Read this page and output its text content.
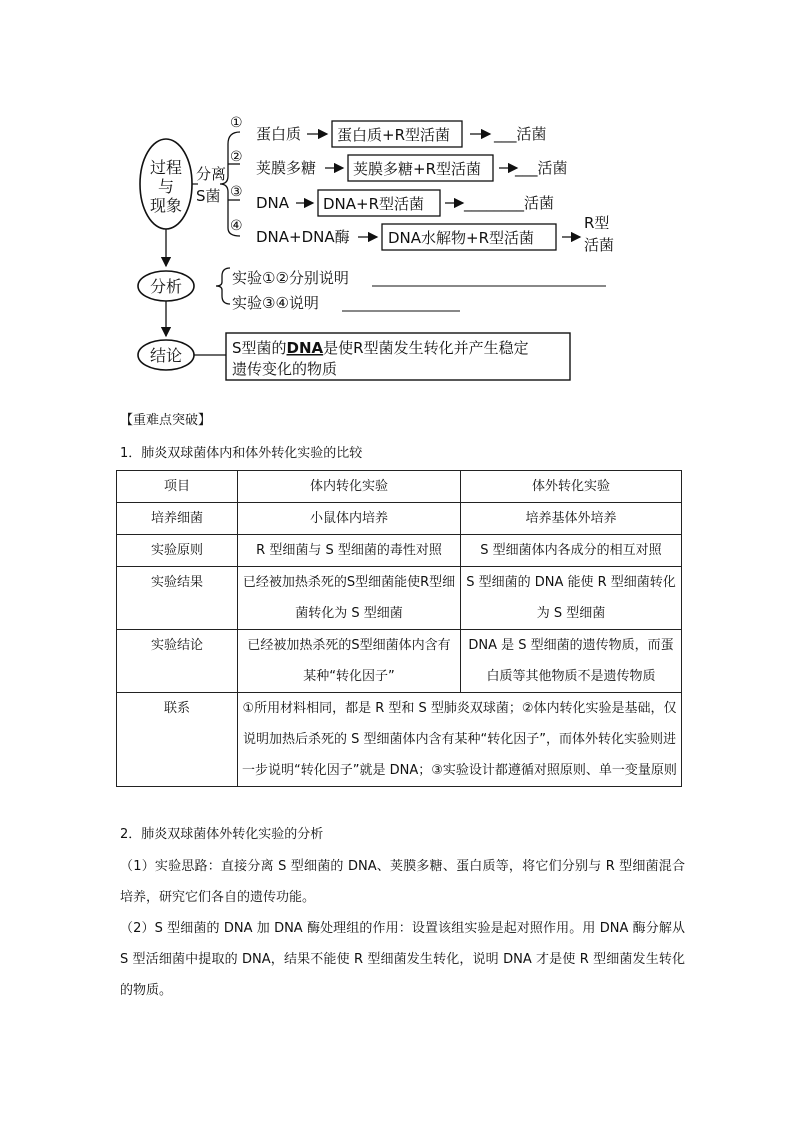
过程
与
现象
分离
S菌
①
蛋白质 蛋白质+R型活菌	___活菌
②
荚膜多糖 荚膜多糖+R型活菌 ___活菌
③
DNA DNA+R型活菌	________活菌
④
DNA+DNA酶	DNA水解物+R型活菌
R型
活菌
分析	实验①②分别说明
实验③④说明
结论	S型菌的DNA是使R型菌发生转化并产生稳定
遗传变化的物质
【重难点突破】
1．肺炎双球菌体内和体外转化实验的比较
项目	体内转化实验	体外转化实验
培养细菌	小鼠体内培养	培养基体外培养
实验原则	R 型细菌与 S 型细菌的毒性对照	S 型细菌体内各成分的相互对照
实验结果	已经被加热杀死的S型细菌能使R型细菌转化为 S 型细菌	S 型细菌的 DNA 能使 R 型细菌转化为 S 型细菌
实验结论	已经被加热杀死的S型细菌体内含有某种“转化因子”	DNA 是 S 型细菌的遗传物质，而蛋白质等其他物质不是遗传物质
联系	①所用材料相同，都是 R 型和 S 型肺炎双球菌；②体内转化实验是基础，仅说明加热后杀死的 S 型细菌体内含有某种“转化因子”，而体外转化实验则进一步说明“转化因子”就是 DNA；③实验设计都遵循对照原则、单一变量原则	
2．肺炎双球菌体外转化实验的分析
（1）实验思路：直接分离 S 型细菌的 DNA、荚膜多糖、蛋白质等，将它们分别与 R 型细菌混合培养，研究它们各自的遗传功能。
（2）S 型细菌的 DNA 加 DNA 酶处理组的作用：设置该组实验是起对照作用。用 DNA 酶分解从 S 型活细菌中提取的 DNA，结果不能使 R 型细菌发生转化，说明 DNA 才是使 R 型细菌发生转化的物质。
